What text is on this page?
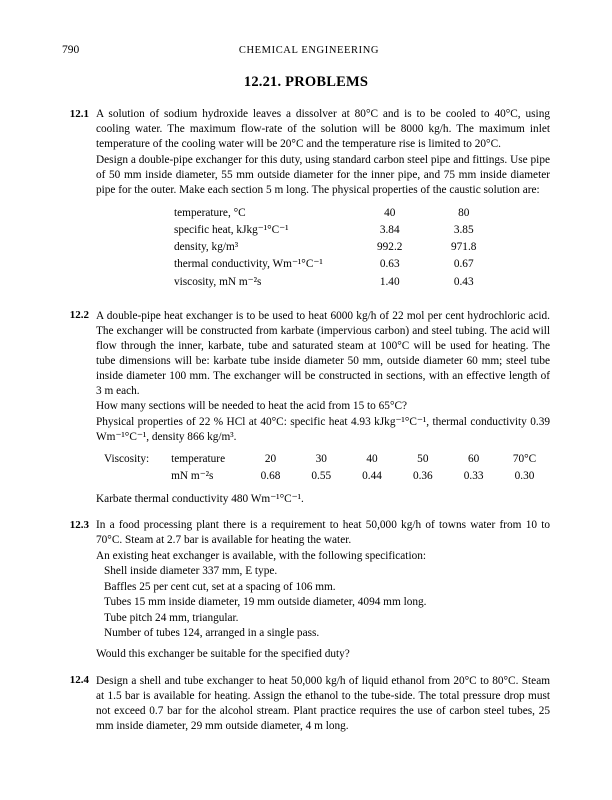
790	CHEMICAL ENGINEERING
12.21. PROBLEMS
12.1 A solution of sodium hydroxide leaves a dissolver at 80°C and is to be cooled to 40°C, using cooling water. The maximum flow-rate of the solution will be 8000 kg/h. The maximum inlet temperature of the cooling water will be 20°C and the temperature rise is limited to 20°C.

Design a double-pipe exchanger for this duty, using standard carbon steel pipe and fittings. Use pipe of 50 mm inside diameter, 55 mm outside diameter for the inner pipe, and 75 mm inside diameter pipe for the outer. Make each section 5 m long. The physical properties of the caustic solution are:

temperature, °C	40	80
specific heat, kJkg⁻¹°C⁻¹	3.84	3.85
density, kg/m³	992.2	971.8
thermal conductivity, Wm⁻¹°C⁻¹	0.63	0.67
viscosity, mN m⁻²s	1.40	0.43
12.2 A double-pipe heat exchanger is to be used to heat 6000 kg/h of 22 mol per cent hydrochloric acid. The exchanger will be constructed from karbate (impervious carbon) and steel tubing. The acid will flow through the inner, karbate, tube and saturated steam at 100°C will be used for heating. The tube dimensions will be: karbate tube inside diameter 50 mm, outside diameter 60 mm; steel tube inside diameter 100 mm. The exchanger will be constructed in sections, with an effective length of 3 m each.

How many sections will be needed to heat the acid from 15 to 65°C?

Physical properties of 22 % HCl at 40°C: specific heat 4.93 kJkg⁻¹°C⁻¹, thermal conductivity 0.39 Wm⁻¹°C⁻¹, density 866 kg/m³.

Viscosity:	temperature	20	30	40	50	60	70°C
	mN m⁻²s	0.68	0.55	0.44	0.36	0.33	0.30

Karbate thermal conductivity 480 Wm⁻¹°C⁻¹.

12.3 In a food processing plant there is a requirement to heat 50,000 kg/h of towns water from 10 to 70°C. Steam at 2.7 bar is available for heating the water.

An existing heat exchanger is available, with the following specification:

Shell inside diameter 337 mm, E type.

Baffles 25 per cent cut, set at a spacing of 106 mm.

Tubes 15 mm inside diameter, 19 mm outside diameter, 4094 mm long.

Tube pitch 24 mm, triangular.

Number of tubes 124, arranged in a single pass.

Would this exchanger be suitable for the specified duty?

12.4 Design a shell and tube exchanger to heat 50,000 kg/h of liquid ethanol from 20°C to 80°C. Steam at 1.5 bar is available for heating. Assign the ethanol to the tube-side. The total pressure drop must not exceed 0.7 bar for the alcohol stream. Plant practice requires the use of carbon steel tubes, 25 mm inside diameter, 29 mm outside diameter, 4 m long.
